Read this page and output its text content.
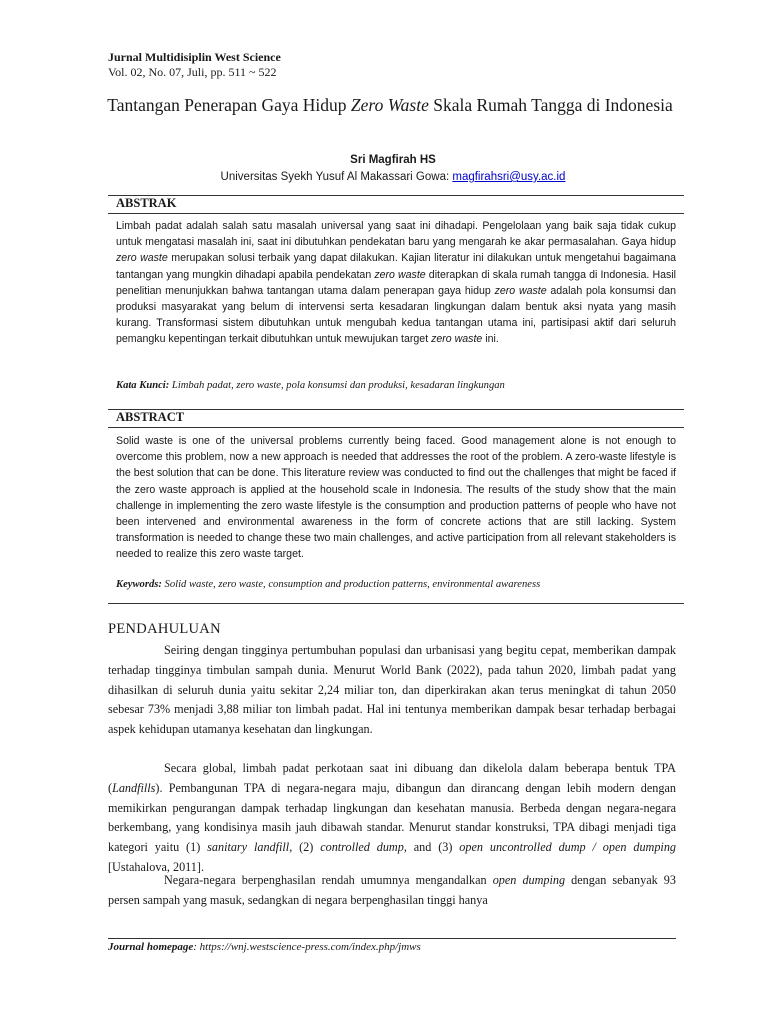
Jurnal Multidisiplin West Science
Vol. 02, No. 07, Juli, pp. 511 ~ 522
Tantangan Penerapan Gaya Hidup Zero Waste Skala Rumah Tangga di Indonesia
Sri Magfirah HS
Universitas Syekh Yusuf Al Makassari Gowa: magfirahsri@usy.ac.id
ABSTRAK

Limbah padat adalah salah satu masalah universal yang saat ini dihadapi. Pengelolaan yang baik saja tidak cukup untuk mengatasi masalah ini, saat ini dibutuhkan pendekatan baru yang mengarah ke akar permasalahan. Gaya hidup zero waste merupakan solusi terbaik yang dapat dilakukan. Kajian literatur ini dilakukan untuk mengetahui bagaimana tantangan yang mungkin dihadapi apabila pendekatan zero waste diterapkan di skala rumah tangga di Indonesia. Hasil penelitian menunjukkan bahwa tantangan utama dalam penerapan gaya hidup zero waste adalah pola konsumsi dan produksi masyarakat yang belum di intervensi serta kesadaran lingkungan dalam bentuk aksi nyata yang masih kurang. Transformasi sistem dibutuhkan untuk mengubah kedua tantangan utama ini, partisipasi aktif dari seluruh pemangku kepentingan terkait dibutuhkan untuk mewujukan target zero waste ini.

Kata Kunci: Limbah padat, zero waste, pola konsumsi dan produksi, kesadaran lingkungan
ABSTRACT

Solid waste is one of the universal problems currently being faced. Good management alone is not enough to overcome this problem, now a new approach is needed that addresses the root of the problem. A zero-waste lifestyle is the best solution that can be done. This literature review was conducted to find out the challenges that might be faced if the zero waste approach is applied at the household scale in Indonesia. The results of the study show that the main challenge in implementing the zero waste lifestyle is the consumption and production patterns of people who have not been intervened and environmental awareness in the form of concrete actions that are still lacking. System transformation is needed to change these two main challenges, and active participation from all relevant stakeholders is needed to realize this zero waste target.

Keywords: Solid waste, zero waste, consumption and production patterns, environmental awareness
PENDAHULUAN

Seiring dengan tingginya pertumbuhan populasi dan urbanisasi yang begitu cepat, memberikan dampak terhadap tingginya timbulan sampah dunia. Menurut World Bank (2022), pada tahun 2020, limbah padat yang dihasilkan di seluruh dunia yaitu sekitar 2,24 miliar ton, dan diperkirakan akan terus meningkat di tahun 2050 sebesar 73% menjadi 3,88 miliar ton limbah padat. Hal ini tentunya memberikan dampak besar terhadap berbagai aspek kehidupan utamanya kesehatan dan lingkungan.

Secara global, limbah padat perkotaan saat ini dibuang dan dikelola dalam beberapa bentuk TPA (Landfills). Pembangunan TPA di negara-negara maju, dibangun dan dirancang dengan lebih modern dengan memikirkan pengurangan dampak terhadap lingkungan dan kesehatan manusia. Berbeda dengan negara-negara berkembang, yang kondisinya masih jauh dibawah standar. Menurut standar konstruksi, TPA dibagi menjadi tiga kategori yaitu (1) sanitary landfill, (2) controlled dump, and (3) open uncontrolled dump / open dumping [Ustahalova, 2011].

Negara-negara berpenghasilan rendah umumnya mengandalkan open dumping dengan sebanyak 93 persen sampah yang masuk, sedangkan di negara berpenghasilan tinggi hanya

Journal homepage: https://wnj.westscience-press.com/index.php/jmws
